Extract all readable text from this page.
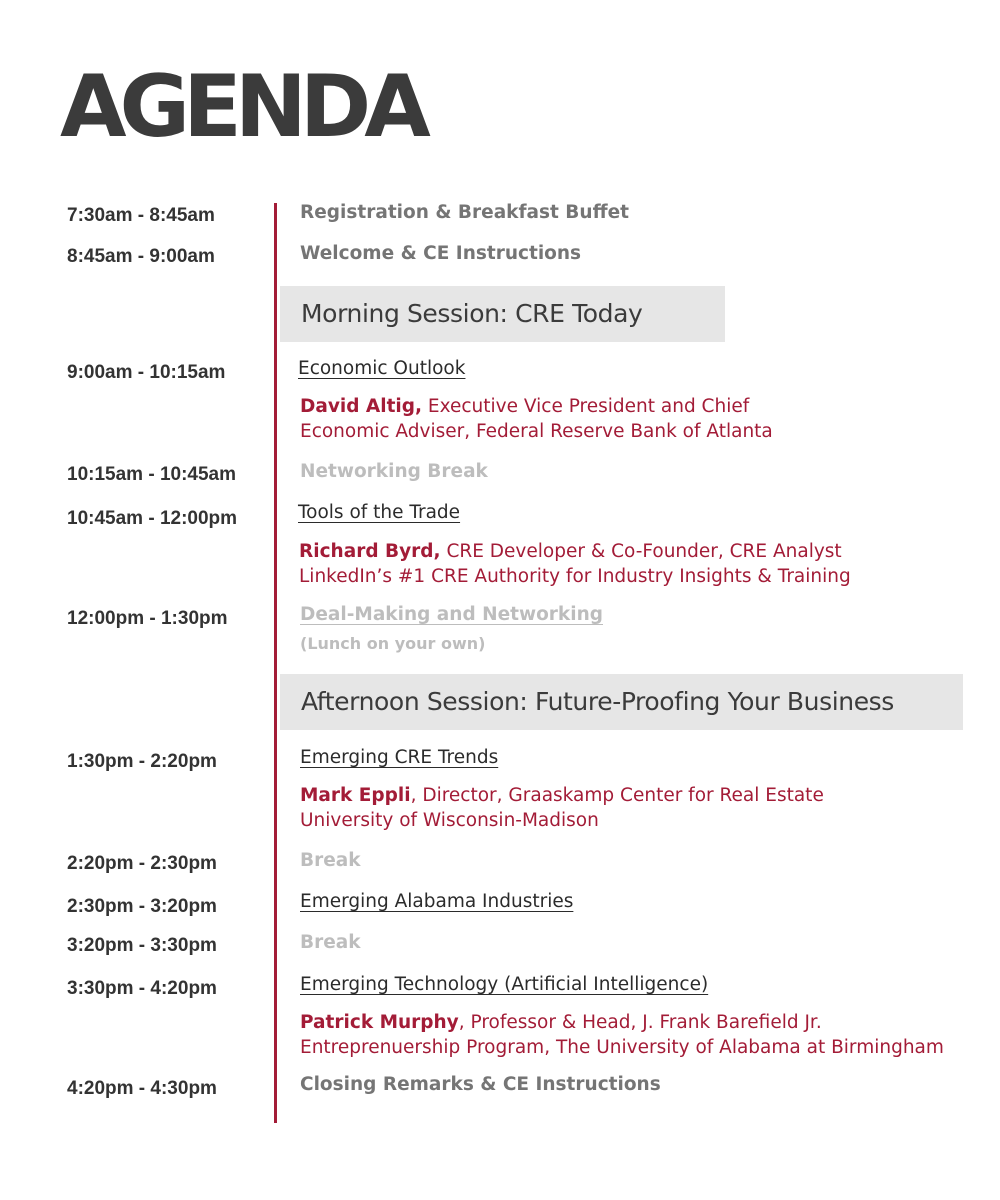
AGENDA
7:30am - 8:45am	Registration & Breakfast Buffet
8:45am - 9:00am	Welcome & CE Instructions
Morning Session: CRE Today
9:00am - 10:15am	Economic Outlook
David Altig, Executive Vice President and Chief
Economic Adviser, Federal Reserve Bank of Atlanta
10:15am - 10:45am	Networking Break
10:45am - 12:00pm	Tools of the Trade
Richard Byrd, CRE Developer & Co-Founder, CRE Analyst
LinkedIn’s #1 CRE Authority for Industry Insights & Training
12:00pm - 1:30pm	Deal-Making and Networking
(Lunch on your own)
Afternoon Session: Future-Proofing Your Business
1:30pm - 2:20pm	Emerging CRE Trends
Mark Eppli, Director, Graaskamp Center for Real Estate
University of Wisconsin-Madison
2:20pm - 2:30pm	Break
2:30pm - 3:20pm	Emerging Alabama Industries
3:20pm - 3:30pm	Break
3:30pm - 4:20pm	Emerging Technology (Artificial Intelligence)
Patrick Murphy, Professor & Head, J. Frank Barefield Jr.
Entreprenuership Program, The University of Alabama at Birmingham
4:20pm - 4:30pm	Closing Remarks & CE Instructions
